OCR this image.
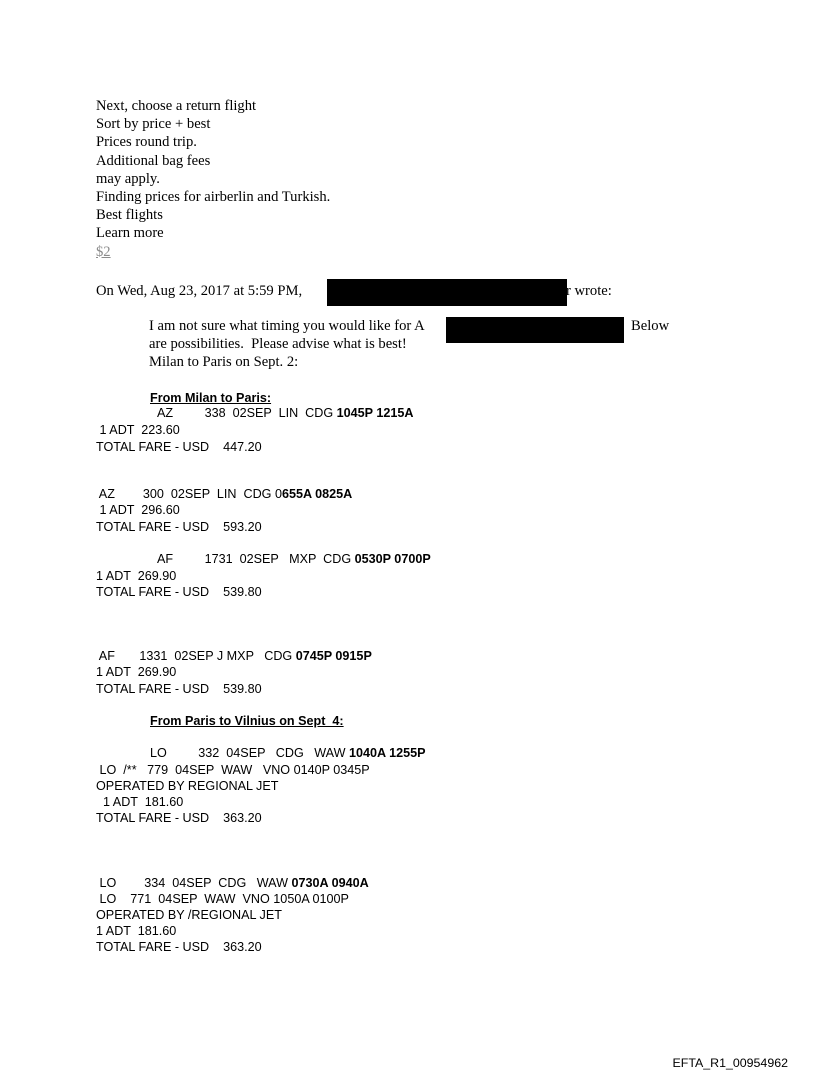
Next, choose a return flight
Sort by price + best
Prices round trip.
Additional bag fees
may apply.
Finding prices for airberlin and Turkish.
Best flights
Learn more
$2
On Wed, Aug 23, 2017 at 5:59 PM,	r wrote:
I am not sure what timing you would like for A	Below
are possibilities.  Please advise what is best!
Milan to Paris on Sept. 2:
From Milan to Paris:
AZ         338  02SEP  LIN  CDG 1045P 1215A
1 ADT  223.60
TOTAL FARE - USD    447.20
AZ        300  02SEP  LIN  CDG 0655A 0825A
1 ADT  296.60
TOTAL FARE - USD    593.20
AF         1731  02SEP   MXP  CDG 0530P 0700P
1 ADT  269.90
TOTAL FARE - USD    539.80
AF       1331  02SEP J MXP   CDG 0745P 0915P
1 ADT  269.90
TOTAL FARE - USD    539.80
From Paris to Vilnius on Sept  4:
LO         332  04SEP   CDG   WAW 1040A 1255P
LO  /**   779  04SEP  WAW   VNO 0140P 0345P
OPERATED BY REGIONAL JET
1 ADT  181.60
TOTAL FARE - USD    363.20
LO        334  04SEP  CDG   WAW 0730A 0940A
LO    771  04SEP  WAW  VNO 1050A 0100P
OPERATED BY /REGIONAL JET
1 ADT  181.60
TOTAL FARE - USD    363.20
EFTA_R1_00954962
